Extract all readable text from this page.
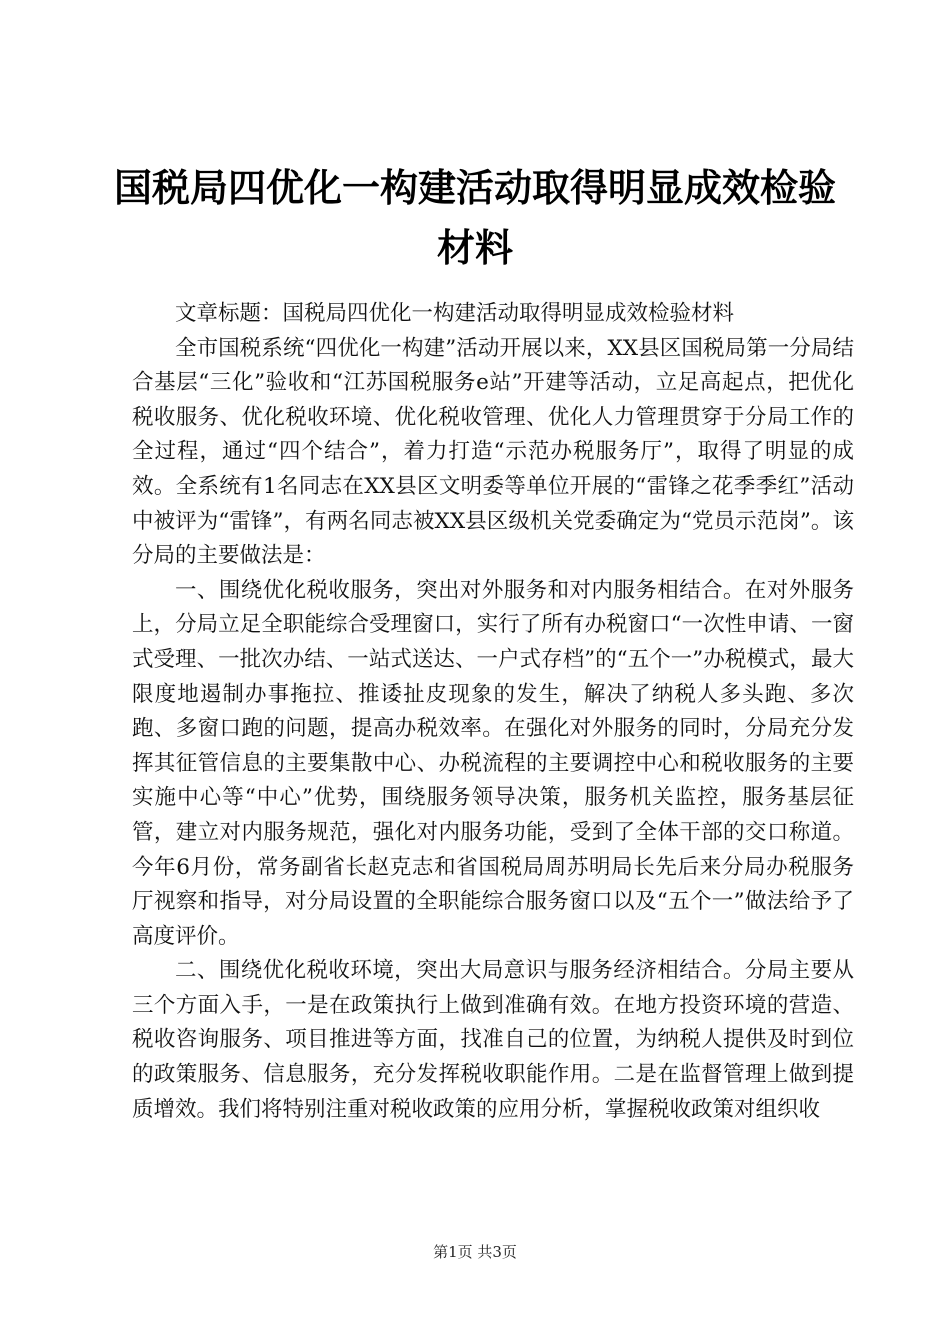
国税局四优化一构建活动取得明显成效检验材料

文章标题：国税局四优化一构建活动取得明显成效检验材料

全市国税系统“四优化一构建”活动开展以来，XX县区国税局第一分局结合基层“三化”验收和“江苏国税服务e站”开建等活动，立足高起点，把优化税收服务、优化税收环境、优化税收管理、优化人力管理贯穿于分局工作的全过程，通过“四个结合”，着力打造“示范办税服务厅”，取得了明显的成效。全系统有1名同志在XX县区文明委等单位开展的“雷锋之花季季红”活动中被评为“雷锋”，有两名同志被XX县区级机关党委确定为“党员示范岗”。该分局的主要做法是：

一、围绕优化税收服务，突出对外服务和对内服务相结合。在对外服务上，分局立足全职能综合受理窗口，实行了所有办税窗口“一次性申请、一窗式受理、一批次办结、一站式送达、一户式存档”的“五个一”办税模式，最大限度地遏制办事拖拉、推诿扯皮现象的发生，解决了纳税人多头跑、多次跑、多窗口跑的问题，提高办税效率。在强化对外服务的同时，分局充分发挥其征管信息的主要集散中心、办税流程的主要调控中心和税收服务的主要实施中心等“中心”优势，围绕服务领导决策，服务机关监控，服务基层征管，建立对内服务规范，强化对内服务功能，受到了全体干部的交口称道。今年6月份，常务副省长赵克志和省国税局周苏明局长先后来分局办税服务厅视察和指导，对分局设置的全职能综合服务窗口以及“五个一”做法给予了高度评价。

二、围绕优化税收环境，突出大局意识与服务经济相结合。分局主要从三个方面入手，一是在政策执行上做到准确有效。在地方投资环境的营造、税收咨询服务、项目推进等方面，找准自己的位置，为纳税人提供及时到位的政策服务、信息服务，充分发挥税收职能作用。二是在监督管理上做到提质增效。我们将特别注重对税收政策的应用分析，掌握税收政策对组织收

第1页 共3页
